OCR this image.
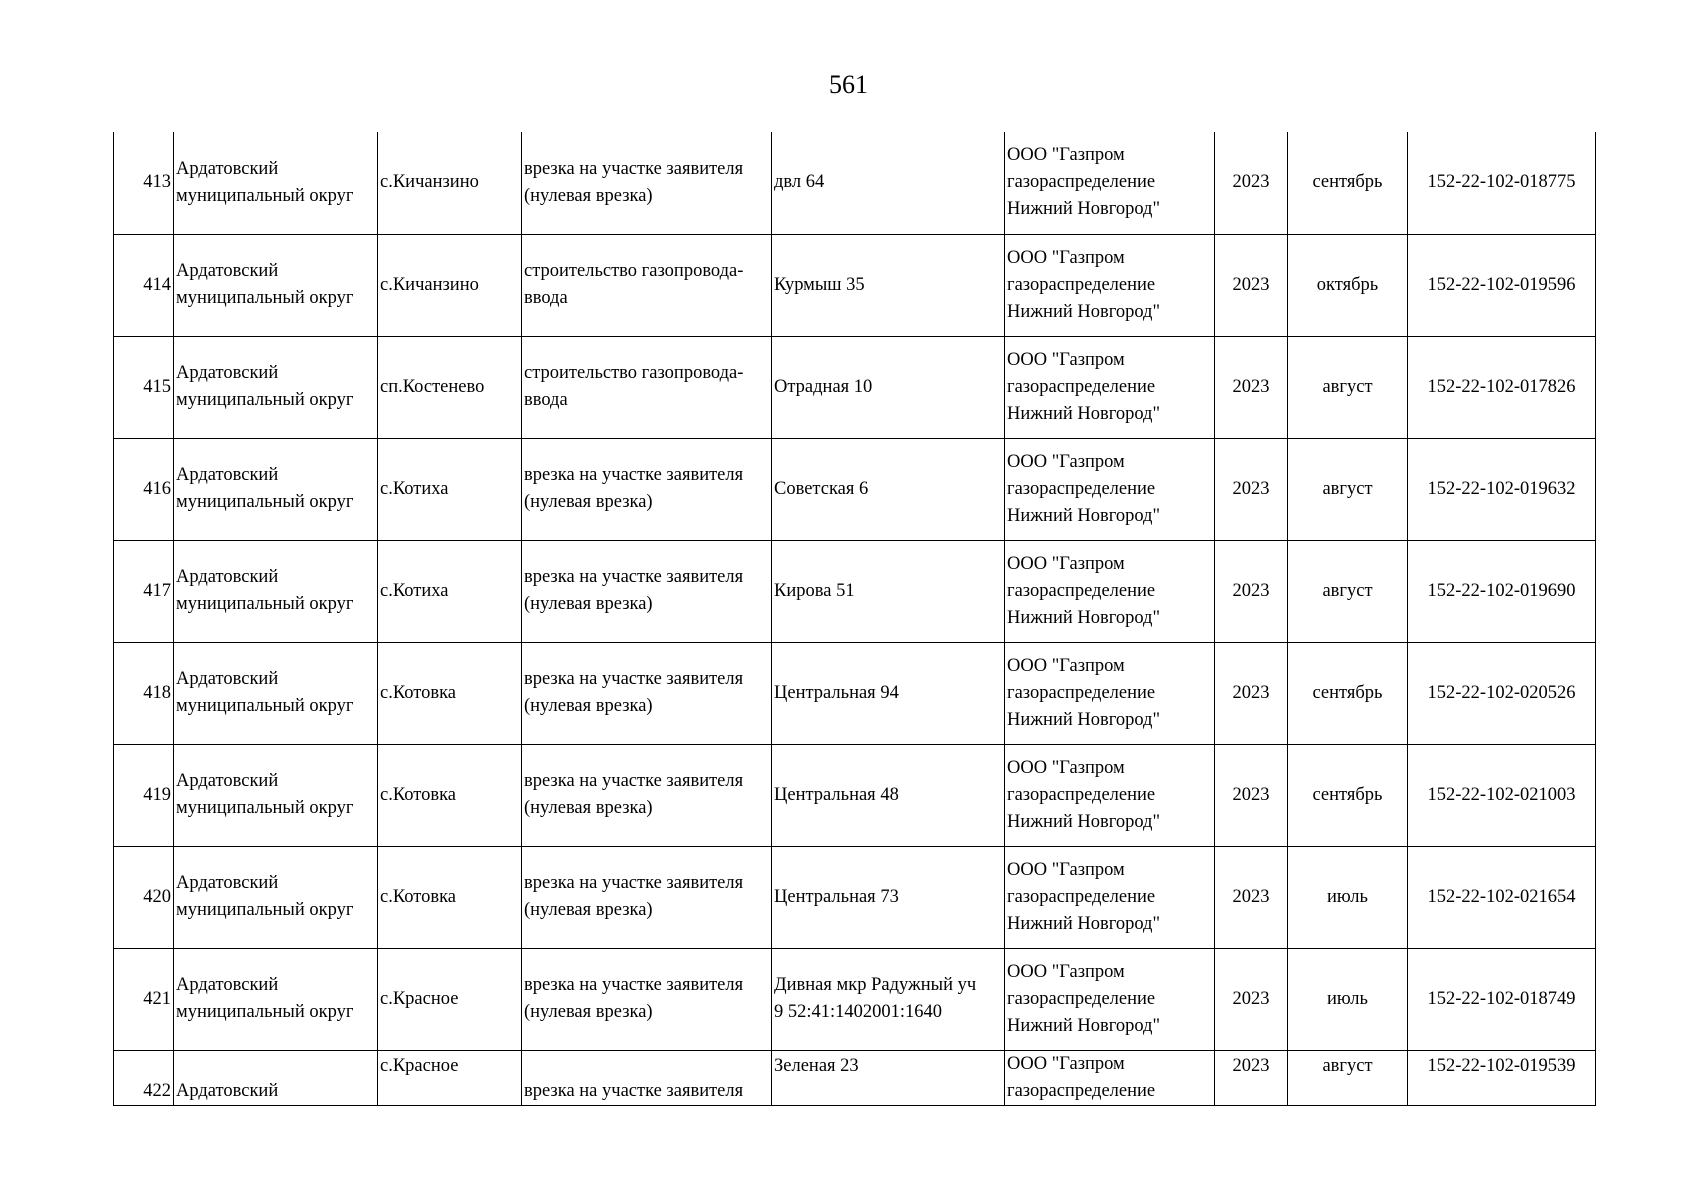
561
413	Ардатовский
муниципальный округ	с.Кичанзино	врезка на участке заявителя
(нулевая врезка)	двл 64	ООО "Газпром
газораспределение
Нижний Новгород"	2023	сентябрь	152-22-102-018775
414	Ардатовский
муниципальный округ	с.Кичанзино	строительство газопровода-
ввода	Курмыш 35	ООО "Газпром
газораспределение
Нижний Новгород"	2023	октябрь	152-22-102-019596
415	Ардатовский
муниципальный округ	сп.Костенево	строительство газопровода-
ввода	Отрадная 10	ООО "Газпром
газораспределение
Нижний Новгород"	2023	август	152-22-102-017826
416	Ардатовский
муниципальный округ	с.Котиха	врезка на участке заявителя
(нулевая врезка)	Советская 6	ООО "Газпром
газораспределение
Нижний Новгород"	2023	август	152-22-102-019632
417	Ардатовский
муниципальный округ	с.Котиха	врезка на участке заявителя
(нулевая врезка)	Кирова 51	ООО "Газпром
газораспределение
Нижний Новгород"	2023	август	152-22-102-019690
418	Ардатовский
муниципальный округ	с.Котовка	врезка на участке заявителя
(нулевая врезка)	Центральная 94	ООО "Газпром
газораспределение
Нижний Новгород"	2023	сентябрь	152-22-102-020526
419	Ардатовский
муниципальный округ	с.Котовка	врезка на участке заявителя
(нулевая врезка)	Центральная 48	ООО "Газпром
газораспределение
Нижний Новгород"	2023	сентябрь	152-22-102-021003
420	Ардатовский
муниципальный округ	с.Котовка	врезка на участке заявителя
(нулевая врезка)	Центральная 73	ООО "Газпром
газораспределение
Нижний Новгород"	2023	июль	152-22-102-021654
421	Ардатовский
муниципальный округ	с.Красное	врезка на участке заявителя
(нулевая врезка)	Дивная мкр Радужный уч
9 52:41:1402001:1640	ООО "Газпром
газораспределение
Нижний Новгород"	2023	июль	152-22-102-018749
422	Ардатовский	с.Красное	врезка на участке заявителя	Зеленая 23	ООО "Газпром
газораспределение	2023	август	152-22-102-019539
